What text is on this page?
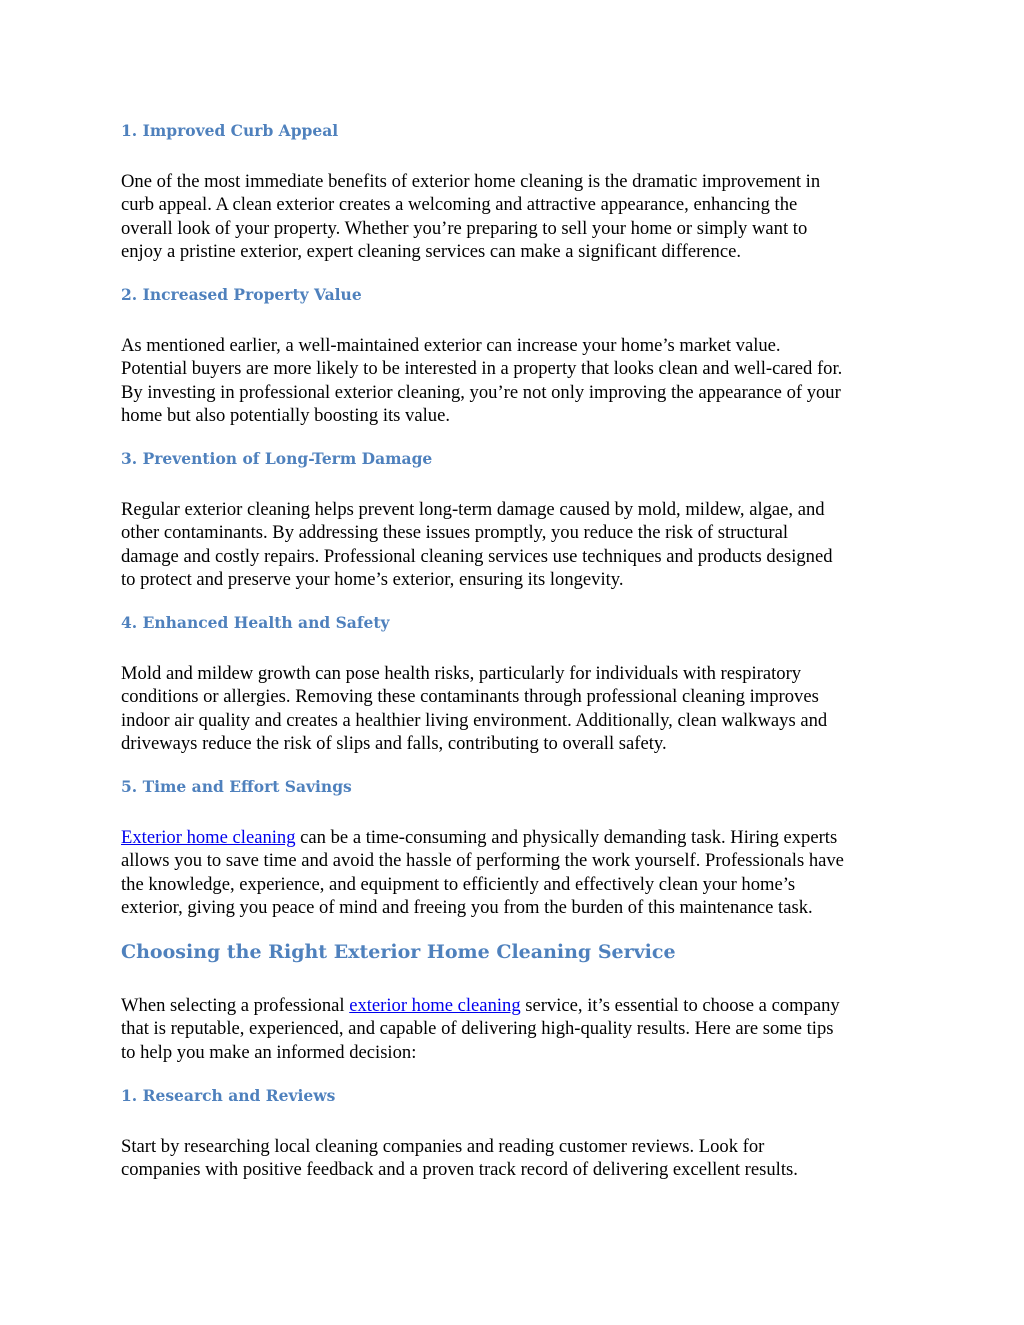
1. Improved Curb Appeal

One of the most immediate benefits of exterior home cleaning is the dramatic improvement in
curb appeal. A clean exterior creates a welcoming and attractive appearance, enhancing the
overall look of your property. Whether you’re preparing to sell your home or simply want to
enjoy a pristine exterior, expert cleaning services can make a significant difference.

2. Increased Property Value

As mentioned earlier, a well-maintained exterior can increase your home’s market value.
Potential buyers are more likely to be interested in a property that looks clean and well-cared for.
By investing in professional exterior cleaning, you’re not only improving the appearance of your
home but also potentially boosting its value.

3. Prevention of Long-Term Damage

Regular exterior cleaning helps prevent long-term damage caused by mold, mildew, algae, and
other contaminants. By addressing these issues promptly, you reduce the risk of structural
damage and costly repairs. Professional cleaning services use techniques and products designed
to protect and preserve your home’s exterior, ensuring its longevity.

4. Enhanced Health and Safety

Mold and mildew growth can pose health risks, particularly for individuals with respiratory
conditions or allergies. Removing these contaminants through professional cleaning improves
indoor air quality and creates a healthier living environment. Additionally, clean walkways and
driveways reduce the risk of slips and falls, contributing to overall safety.

5. Time and Effort Savings

Exterior home cleaning can be a time-consuming and physically demanding task. Hiring experts
allows you to save time and avoid the hassle of performing the work yourself. Professionals have
the knowledge, experience, and equipment to efficiently and effectively clean your home’s
exterior, giving you peace of mind and freeing you from the burden of this maintenance task.

Choosing the Right Exterior Home Cleaning Service

When selecting a professional exterior home cleaning service, it’s essential to choose a company
that is reputable, experienced, and capable of delivering high-quality results. Here are some tips
to help you make an informed decision:

1. Research and Reviews

Start by researching local cleaning companies and reading customer reviews. Look for
companies with positive feedback and a proven track record of delivering excellent results.
